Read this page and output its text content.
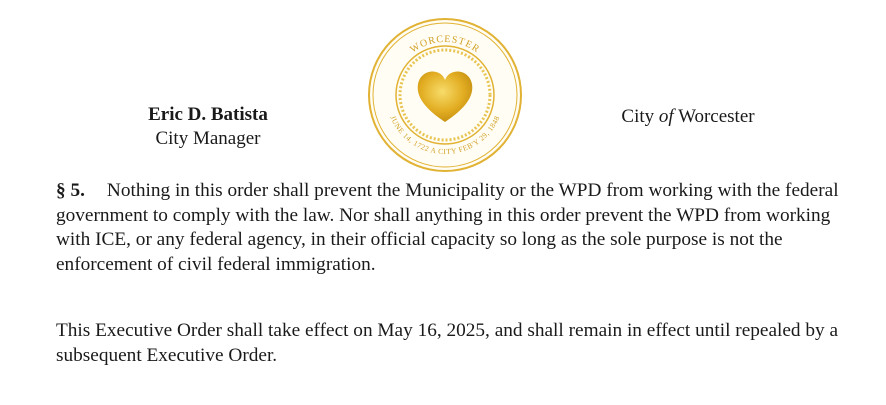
Eric D. Batista
City Manager
WORCESTER
JUNE 14, 1722 A CITY FEB'Y 29, 1848	City of Worcester

§ 5. Nothing in this order shall prevent the Municipality or the WPD from working with the federal government to comply with the law. Nor shall anything in this order prevent the WPD from working with ICE, or any federal agency, in their official capacity so long as the sole purpose is not the enforcement of civil federal immigration.

This Executive Order shall take effect on May 16, 2025, and shall remain in effect until repealed by a subsequent Executive Order.
